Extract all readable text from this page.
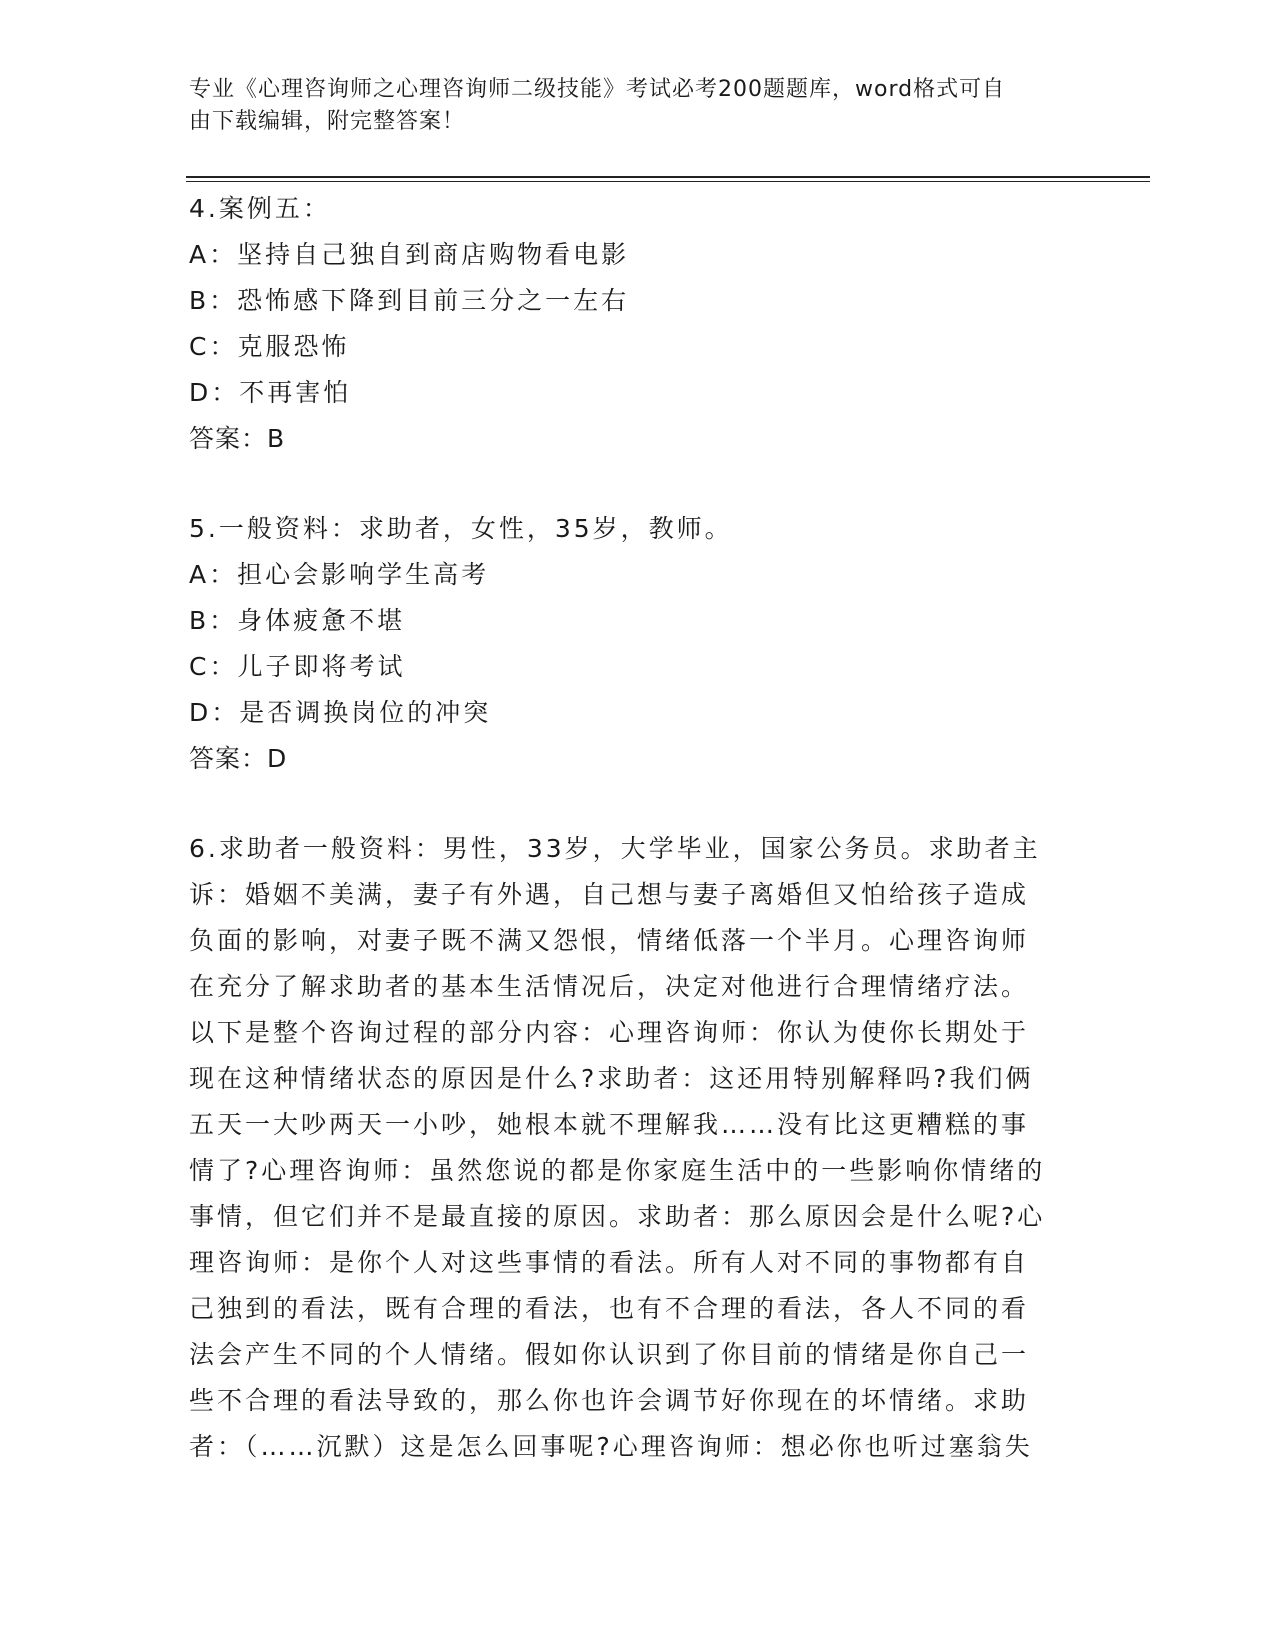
专业《心理咨询师之心理咨询师二级技能》考试必考200题题库，word格式可自
由下载编辑，附完整答案！
4.案例五：
A：坚持自己独自到商店购物看电影
B：恐怖感下降到目前三分之一左右
C：克服恐怖
D：不再害怕
答案：B
5.一般资料：求助者，女性，35岁，教师。
A：担心会影响学生高考
B：身体疲惫不堪
C：儿子即将考试
D：是否调换岗位的冲突
答案：D
6.求助者一般资料：男性，33岁，大学毕业，国家公务员。求助者主
诉：婚姻不美满，妻子有外遇，自己想与妻子离婚但又怕给孩子造成
负面的影响，对妻子既不满又怨恨，情绪低落一个半月。心理咨询师
在充分了解求助者的基本生活情况后，决定对他进行合理情绪疗法。
以下是整个咨询过程的部分内容：心理咨询师：你认为使你长期处于
现在这种情绪状态的原因是什么?求助者：这还用特别解释吗?我们俩
五天一大吵两天一小吵，她根本就不理解我……没有比这更糟糕的事
情了?心理咨询师：虽然您说的都是你家庭生活中的一些影响你情绪的
事情，但它们并不是最直接的原因。求助者：那么原因会是什么呢?心
理咨询师：是你个人对这些事情的看法。所有人对不同的事物都有自
己独到的看法，既有合理的看法，也有不合理的看法，各人不同的看
法会产生不同的个人情绪。假如你认识到了你目前的情绪是你自己一
些不合理的看法导致的，那么你也许会调节好你现在的坏情绪。求助
者：（……沉默）这是怎么回事呢?心理咨询师：想必你也听过塞翁失
